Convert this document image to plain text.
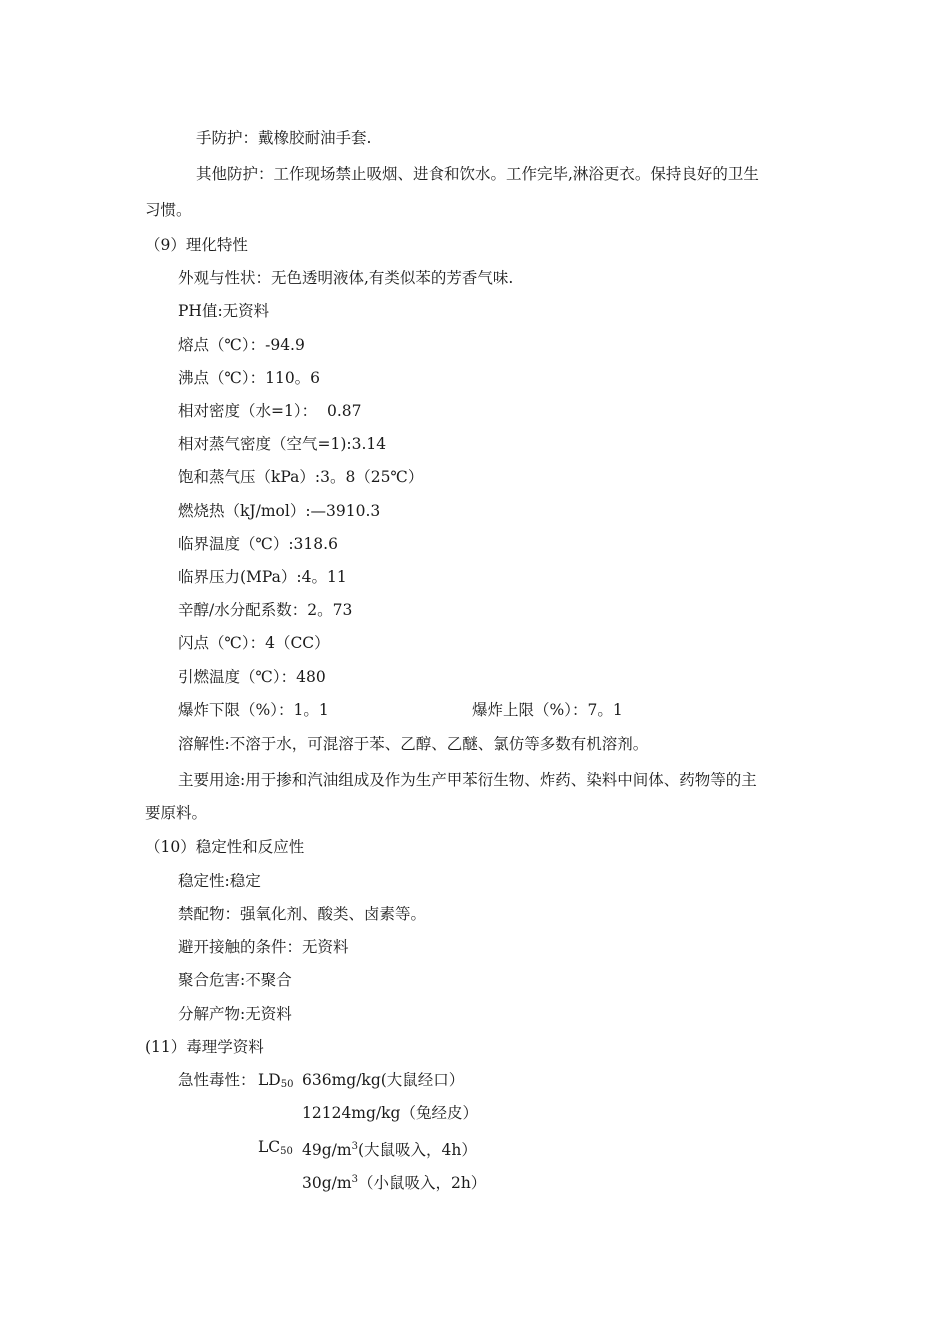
手防护：戴橡胶耐油手套.
其他防护：工作现场禁止吸烟、进食和饮水。工作完毕,淋浴更衣。保持良好的卫生
习惯。
（9）理化特性
外观与性状：无色透明液体,有类似苯的芳香气味.
PH值:无资料
熔点（℃）：-94.9
沸点（℃）：110。6
相对密度（水=1）：  0.87
相对蒸气密度（空气=1):3.14
饱和蒸气压（kPa）:3。8（25℃）
燃烧热（kJ/mol）:—3910.3
临界温度（℃）:318.6
临界压力(MPa）:4。11
辛醇/水分配系数：2。73
闪点（℃）：4（CC）
引燃温度（℃）：480
爆炸下限（%）：1。1	爆炸上限（%）：7。1
溶解性:不溶于水，可混溶于苯、乙醇、乙醚、氯仿等多数有机溶剂。
主要用途:用于掺和汽油组成及作为生产甲苯衍生物、炸药、染料中间体、药物等的主
要原料。
（10）稳定性和反应性
稳定性:稳定
禁配物：强氧化剂、酸类、卤素等。
避开接触的条件：无资料
聚合危害:不聚合
分解产物:无资料
(11）毒理学资料
急性毒性： $LD_{50}$ 636mg/kg(大鼠经口）
12124mg/kg（兔经皮）
$LC_{50}$ $49g/m^3$(大鼠吸入，4h）
$30g/m^3$（小鼠吸入，2h）
